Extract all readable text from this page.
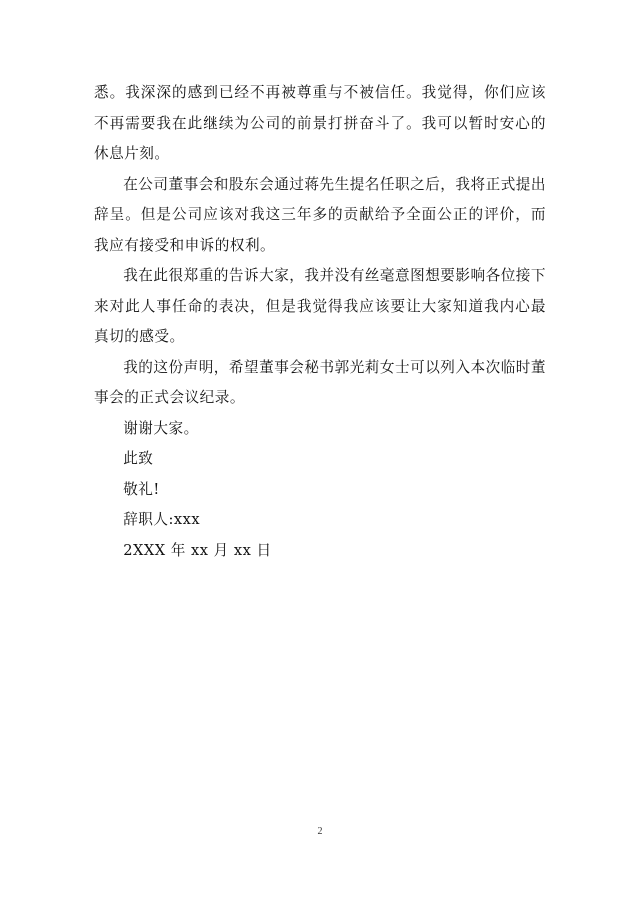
悉。我深深的感到已经不再被尊重与不被信任。我觉得，你们应该不再需要我在此继续为公司的前景打拼奋斗了。我可以暂时安心的休息片刻。

在公司董事会和股东会通过蒋先生提名任职之后，我将正式提出辞呈。但是公司应该对我这三年多的贡献给予全面公正的评价，而我应有接受和申诉的权利。

我在此很郑重的告诉大家，我并没有丝毫意图想要影响各位接下来对此人事任命的表决，但是我觉得我应该要让大家知道我内心最真切的感受。

我的这份声明，希望董事会秘书郭光莉女士可以列入本次临时董事会的正式会议纪录。

谢谢大家。

此致

敬礼!

辞职人:xxx

2XXX 年 xx 月 xx 日

2
